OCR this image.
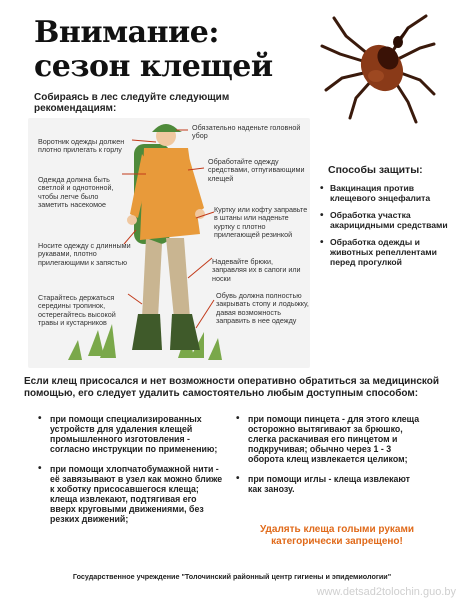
Внимание:
сезон клещей
Собираясь в лес следуйте следующим рекомендациям:
Воротник одежды должен плотно прилегать к горлу
Обязательно наденьте головной убор
Одежда должна быть светлой и однотонной, чтобы легче было заметить насекомое
Обработайте одежду средствами, отпугивающими клещей
Куртку или кофту заправьте в штаны или наденьте куртку с плотно прилегающей резинкой
Носите одежду с длинными рукавами, плотно прилегающими к запястью	Надевайте брюки, заправляя их в сапоги или носки
Старайтесь держаться середины тропинок, остерегайтесь высокой травы и кустарников
Обувь должна полностью закрывать стопу и лодыжку, давая возможность заправить в нее одежду
Способы защиты:
• Вакцинация против клещевого энцефалита
• Обработка участка акарицидными средствами
• Обработка одежды и животных репеллентами перед прогулкой
Если клещ присосался и нет возможности оперативно обратиться за медицинской помощью, его следует удалить самостоятельно любым доступным способом:
• при помощи специализированных устройств для удаления клещей промышленного изготовления - согласно инструкции по применению;
• при помощи хлопчатобумажной нити - её завязывают в узел как можно ближе к хоботку присосавшегося клеща; клеща извлекают, подтягивая его вверх круговыми движениями, без резких движений;
• при помощи пинцета - для этого клеща осторожно вытягивают за брюшко, слегка раскачивая его пинцетом и подкручивая; обычно через 1 - 3 оборота клещ извлекается целиком;
• при помощи иглы - клеща извлекают как занозу.
Удалять клеща голыми руками категорически запрещено!
Государственное учреждение "Толочинский районный центр гигиены и эпидемиологии"
www.detsad2tolochin.guo.by
